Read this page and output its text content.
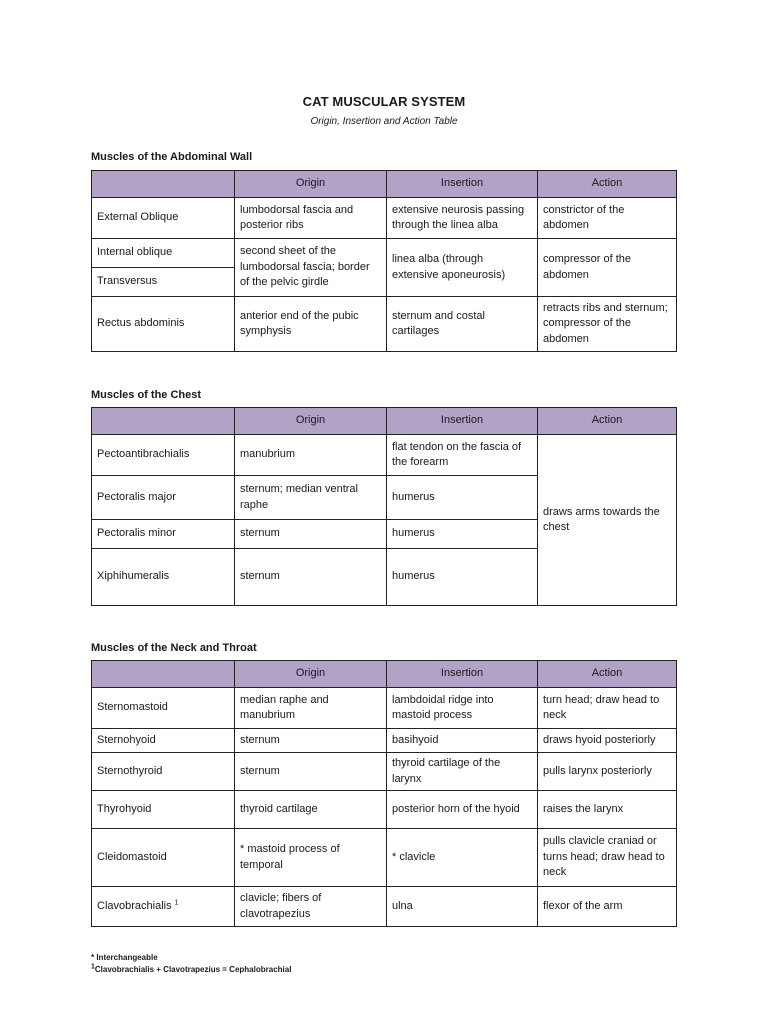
CAT MUSCULAR SYSTEM
Origin, Insertion and Action Table
Muscles of the Abdominal Wall
	Origin	Insertion	Action
External Oblique	lumbodorsal fascia and posterior ribs	extensive neurosis passing through the linea alba	constrictor of the abdomen
Internal oblique	second sheet of the lumbodorsal fascia; border of the pelvic girdle	linea alba (through extensive aponeurosis)	compressor of the abdomen
Transversus			
Rectus abdominis	anterior end of the pubic symphysis	sternum and costal cartilages	retracts ribs and sternum; compressor of the abdomen
Muscles of the Chest
	Origin	Insertion	Action
Pectoantibrachialis	manubrium	flat tendon on the fascia of the forearm	draws arms towards the chest
Pectoralis major	sternum; median ventral raphe	humerus	
Pectoralis minor	sternum	humerus	
Xiphihumeralis	sternum	humerus	
Muscles of the Neck and Throat
	Origin	Insertion	Action
Sternomastoid	median raphe and manubrium	lambdoidal ridge into mastoid process	turn head; draw head to neck
Sternohyoid	sternum	basihyoid	draws hyoid posteriorly
Sternothyroid	sternum	thyroid cartilage of the larynx	pulls larynx posteriorly
Thyrohyoid	thyroid cartilage	posterior horn of the hyoid	raises the larynx
Cleidomastoid	* mastoid process of temporal	* clavicle	pulls clavicle craniad or turns head; draw head to neck
Clavobrachialis $^1$	clavicle; fibers of clavotrapezius	ulna	flexor of the arm
* Interchangeable
$^1$Clavobrachialis + Clavotrapezius = Cephalobrachial
